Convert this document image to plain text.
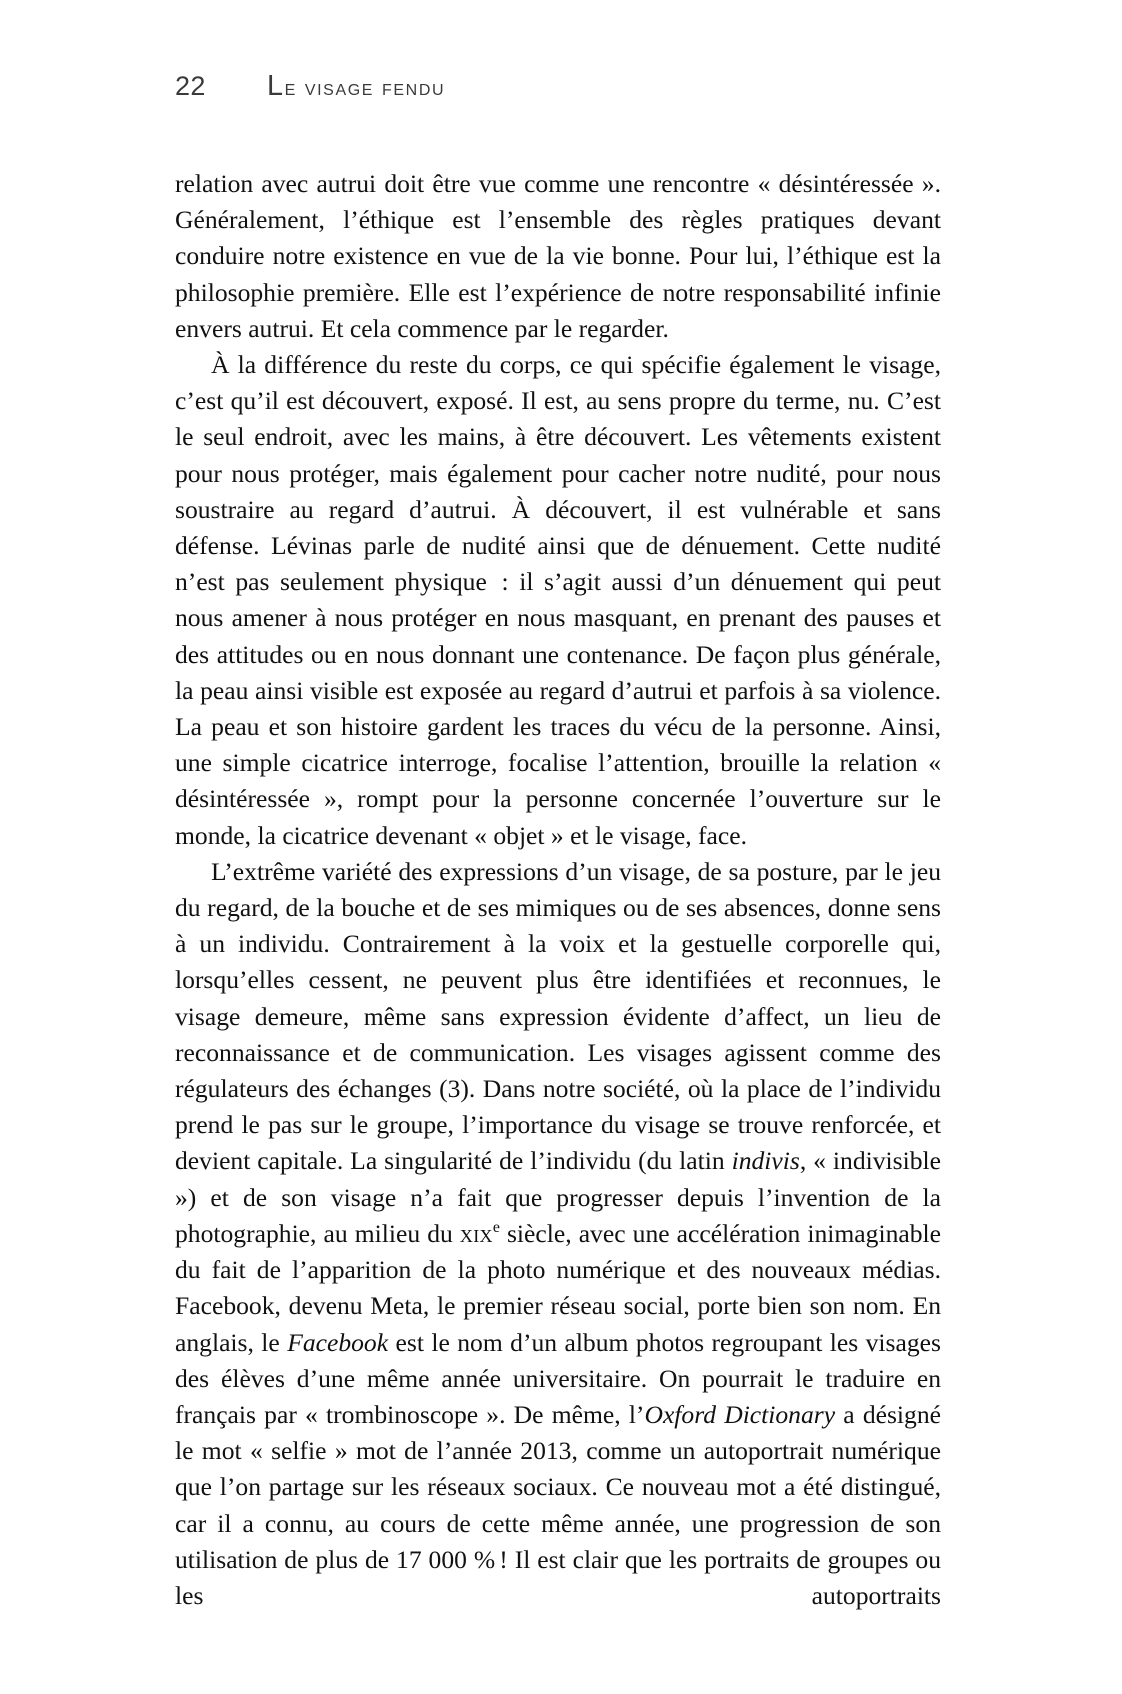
22	le visage fendu

relation avec autrui doit être vue comme une rencontre « désintéressée ». Généralement, l’éthique est l’ensemble des règles pratiques devant conduire notre existence en vue de la vie bonne. Pour lui, l’éthique est la philosophie première. Elle est l’expérience de notre responsabilité infinie envers autrui. Et cela commence par le regarder.

À la différence du reste du corps, ce qui spécifie également le visage, c’est qu’il est découvert, exposé. Il est, au sens propre du terme, nu. C’est le seul endroit, avec les mains, à être découvert. Les vêtements existent pour nous protéger, mais également pour cacher notre nudité, pour nous soustraire au regard d’autrui. À découvert, il est vulnérable et sans défense. Lévinas parle de nudité ainsi que de dénuement. Cette nudité n’est pas seulement physique : il s’agit aussi d’un dénuement qui peut nous amener à nous protéger en nous masquant, en prenant des pauses et des attitudes ou en nous donnant une contenance. De façon plus générale, la peau ainsi visible est exposée au regard d’autrui et parfois à sa violence. La peau et son histoire gardent les traces du vécu de la personne. Ainsi, une simple cicatrice interroge, focalise l’attention, brouille la relation « désintéressée », rompt pour la personne concernée l’ouverture sur le monde, la cicatrice devenant « objet » et le visage, face.

L’extrême variété des expressions d’un visage, de sa posture, par le jeu du regard, de la bouche et de ses mimiques ou de ses absences, donne sens à un individu. Contrairement à la voix et la gestuelle corporelle qui, lorsqu’elles cessent, ne peuvent plus être identifiées et reconnues, le visage demeure, même sans expression évidente d’affect, un lieu de reconnaissance et de communication. Les visages agissent comme des régulateurs des échanges (3). Dans notre société, où la place de l’individu prend le pas sur le groupe, l’importance du visage se trouve renforcée, et devient capitale. La singularité de l’individu (du latin indivis, « indivisible ») et de son visage n’a fait que progresser depuis l’invention de la photographie, au milieu du xix$^e$ siècle, avec une accélération inimaginable du fait de l’apparition de la photo numérique et des nouveaux médias. Facebook, devenu Meta, le premier réseau social, porte bien son nom. En anglais, le Facebook est le nom d’un album photos regroupant les visages des élèves d’une même année universitaire. On pourrait le traduire en français par « trombinoscope ». De même, l’Oxford Dictionary a désigné le mot « selfie » mot de l’année 2013, comme un autoportrait numérique que l’on partage sur les réseaux sociaux. Ce nouveau mot a été distingué, car il a connu, au cours de cette même année, une progression de son utilisation de plus de 17 000 % ! Il est clair que les portraits de groupes ou les autoportraits
